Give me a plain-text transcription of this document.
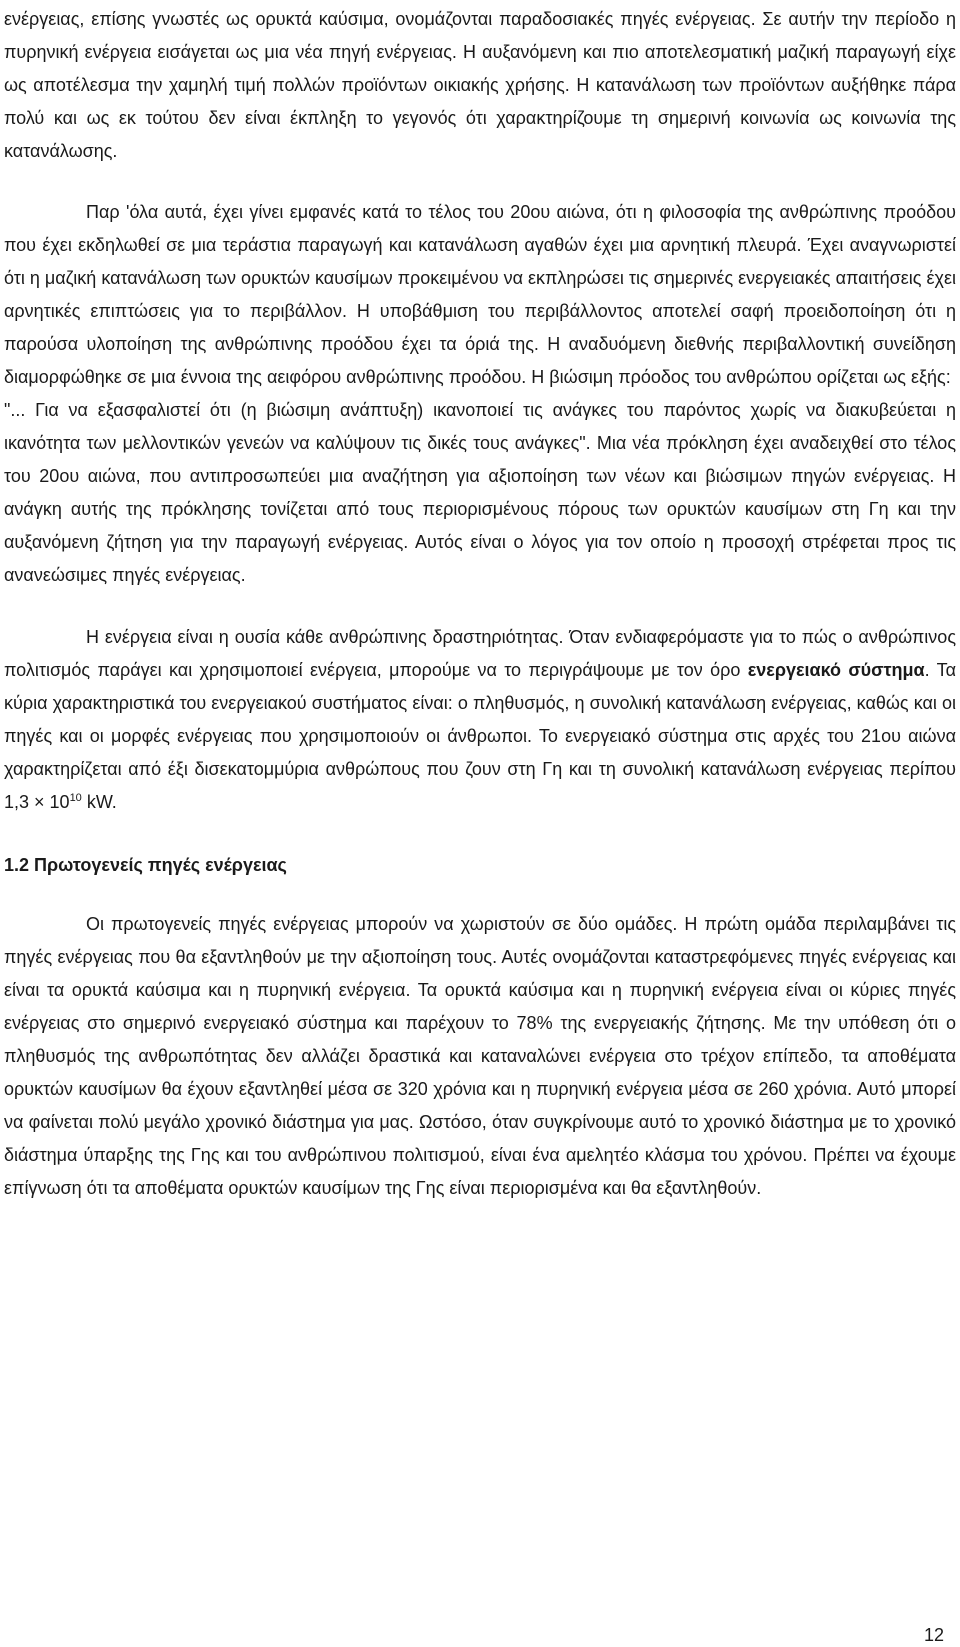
ενέργειας, επίσης γνωστές ως ορυκτά καύσιμα, ονομάζονται παραδοσιακές πηγές ενέργειας. Σε αυτήν την περίοδο η πυρηνική ενέργεια εισάγεται ως μια νέα πηγή ενέργειας. Η αυξανόμενη και πιο αποτελεσματική μαζική παραγωγή είχε ως αποτέλεσμα την χαμηλή τιμή πολλών προϊόντων οικιακής χρήσης. Η κατανάλωση των προϊόντων αυξήθηκε πάρα πολύ και ως εκ τούτου δεν είναι έκπληξη το γεγονός ότι χαρακτηρίζουμε τη σημερινή κοινωνία ως κοινωνία της κατανάλωσης.

Παρ 'όλα αυτά, έχει γίνει εμφανές κατά το τέλος του 20ου αιώνα, ότι η φιλοσοφία της ανθρώπινης προόδου που έχει εκδηλωθεί σε μια τεράστια παραγωγή και κατανάλωση αγαθών έχει μια αρνητική πλευρά. Έχει αναγνωριστεί ότι η μαζική κατανάλωση των ορυκτών καυσίμων προκειμένου να εκπληρώσει τις σημερινές ενεργειακές απαιτήσεις έχει αρνητικές επιπτώσεις για το περιβάλλον. Η υποβάθμιση του περιβάλλοντος αποτελεί σαφή προειδοποίηση ότι η παρούσα υλοποίηση της ανθρώπινης προόδου έχει τα όριά της. Η αναδυόμενη διεθνής περιβαλλοντική συνείδηση διαμορφώθηκε σε μια έννοια της αειφόρου ανθρώπινης προόδου. Η βιώσιμη πρόοδος του ανθρώπου ορίζεται ως εξής:

"... Για να εξασφαλιστεί ότι (η βιώσιμη ανάπτυξη) ικανοποιεί τις ανάγκες του παρόντος χωρίς να διακυβεύεται η ικανότητα των μελλοντικών γενεών να καλύψουν τις δικές τους ανάγκες". Μια νέα πρόκληση έχει αναδειχθεί στο τέλος του 20ου αιώνα, που αντιπροσωπεύει μια αναζήτηση για αξιοποίηση των νέων και βιώσιμων πηγών ενέργειας. Η ανάγκη αυτής της πρόκλησης τονίζεται από τους περιορισμένους πόρους των ορυκτών καυσίμων στη Γη και την αυξανόμενη ζήτηση για την παραγωγή ενέργειας. Αυτός είναι ο λόγος για τον οποίο η προσοχή στρέφεται προς τις ανανεώσιμες πηγές ενέργειας.

Η ενέργεια είναι η ουσία κάθε ανθρώπινης δραστηριότητας. Όταν ενδιαφερόμαστε για το πώς ο ανθρώπινος πολιτισμός παράγει και χρησιμοποιεί ενέργεια, μπορούμε να το περιγράψουμε με τον όρο ενεργειακό σύστημα. Τα κύρια χαρακτηριστικά του ενεργειακού συστήματος είναι: ο πληθυσμός, η συνολική κατανάλωση ενέργειας, καθώς και οι πηγές και οι μορφές ενέργειας που χρησιμοποιούν οι άνθρωποι. Το ενεργειακό σύστημα στις αρχές του 21ου αιώνα χαρακτηρίζεται από έξι δισεκατομμύρια ανθρώπους που ζουν στη Γη και τη συνολική κατανάλωση ενέργειας περίπου $1,3 \times 10^{10}$ kW.

1.2 Πρωτογενείς πηγές ενέργειας

Οι πρωτογενείς πηγές ενέργειας μπορούν να χωριστούν σε δύο ομάδες. Η πρώτη ομάδα περιλαμβάνει τις πηγές ενέργειας που θα εξαντληθούν με την αξιοποίηση τους. Αυτές ονομάζονται καταστρεφόμενες πηγές ενέργειας και είναι τα ορυκτά καύσιμα και η πυρηνική ενέργεια. Τα ορυκτά καύσιμα και η πυρηνική ενέργεια είναι οι κύριες πηγές ενέργειας στο σημερινό ενεργειακό σύστημα και παρέχουν το 78% της ενεργειακής ζήτησης. Με την υπόθεση ότι ο πληθυσμός της ανθρωπότητας δεν αλλάζει δραστικά και καταναλώνει ενέργεια στο τρέχον επίπεδο, τα αποθέματα ορυκτών καυσίμων θα έχουν εξαντληθεί μέσα σε 320 χρόνια και η πυρηνική ενέργεια μέσα σε 260 χρόνια. Αυτό μπορεί να φαίνεται πολύ μεγάλο χρονικό διάστημα για μας. Ωστόσο, όταν συγκρίνουμε αυτό το χρονικό διάστημα με το χρονικό διάστημα ύπαρξης της Γης και του ανθρώπινου πολιτισμού, είναι ένα αμελητέο κλάσμα του χρόνου. Πρέπει να έχουμε επίγνωση ότι τα αποθέματα ορυκτών καυσίμων της Γης είναι περιορισμένα και θα εξαντληθούν.

12
